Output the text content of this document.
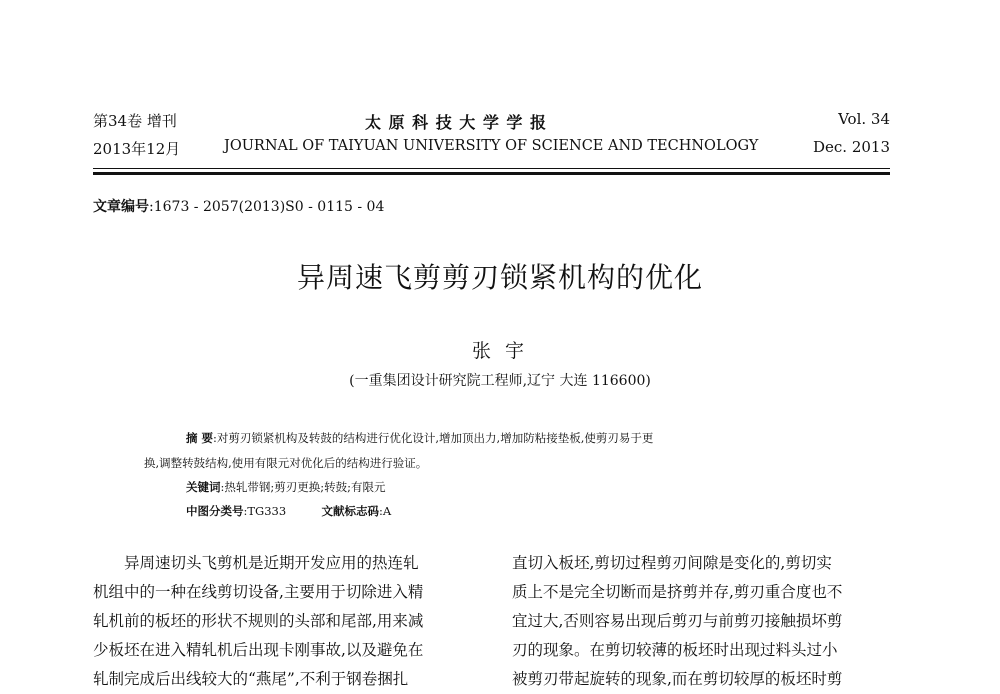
第34卷 增刊
2013年12月
太 原 科 技 大 学 学 报
JOURNAL OF TAIYUAN UNIVERSITY OF SCIENCE AND TECHNOLOGY
Vol. 34
Dec. 2013
文章编号:1673 - 2057(2013)S0 - 0115 - 04
异周速飞剪剪刃锁紧机构的优化
张 宇
(一重集团设计研究院工程师,辽宁 大连 116600)
摘 要:对剪刃锁紧机构及转鼓的结构进行优化设计,增加顶出力,增加防粘接垫板,使剪刃易于更
换,调整转鼓结构,使用有限元对优化后的结构进行验证。
关键词:热轧带钢;剪刃更换;转鼓;有限元
中图分类号:TG333	文献标志码:A
异周速切头飞剪机是近期开发应用的热连轧
机组中的一种在线剪切设备,主要用于切除进入精
轧机前的板坯的形状不规则的头部和尾部,用来减
少板坯在进入精轧机后出现卡刚事故,以及避免在
轧制完成后出线较大的“燕尾”,不利于钢卷捆扎
直切入板坯,剪切过程剪刃间隙是变化的,剪切实
质上不是完全切断而是挤剪并存,剪刃重合度也不
宜过大,否则容易出现后剪刃与前剪刃接触损坏剪
刃的现象。在剪切较薄的板坯时出现过料头过小
被剪刃带起旋转的现象,而在剪切较厚的板坯时剪
